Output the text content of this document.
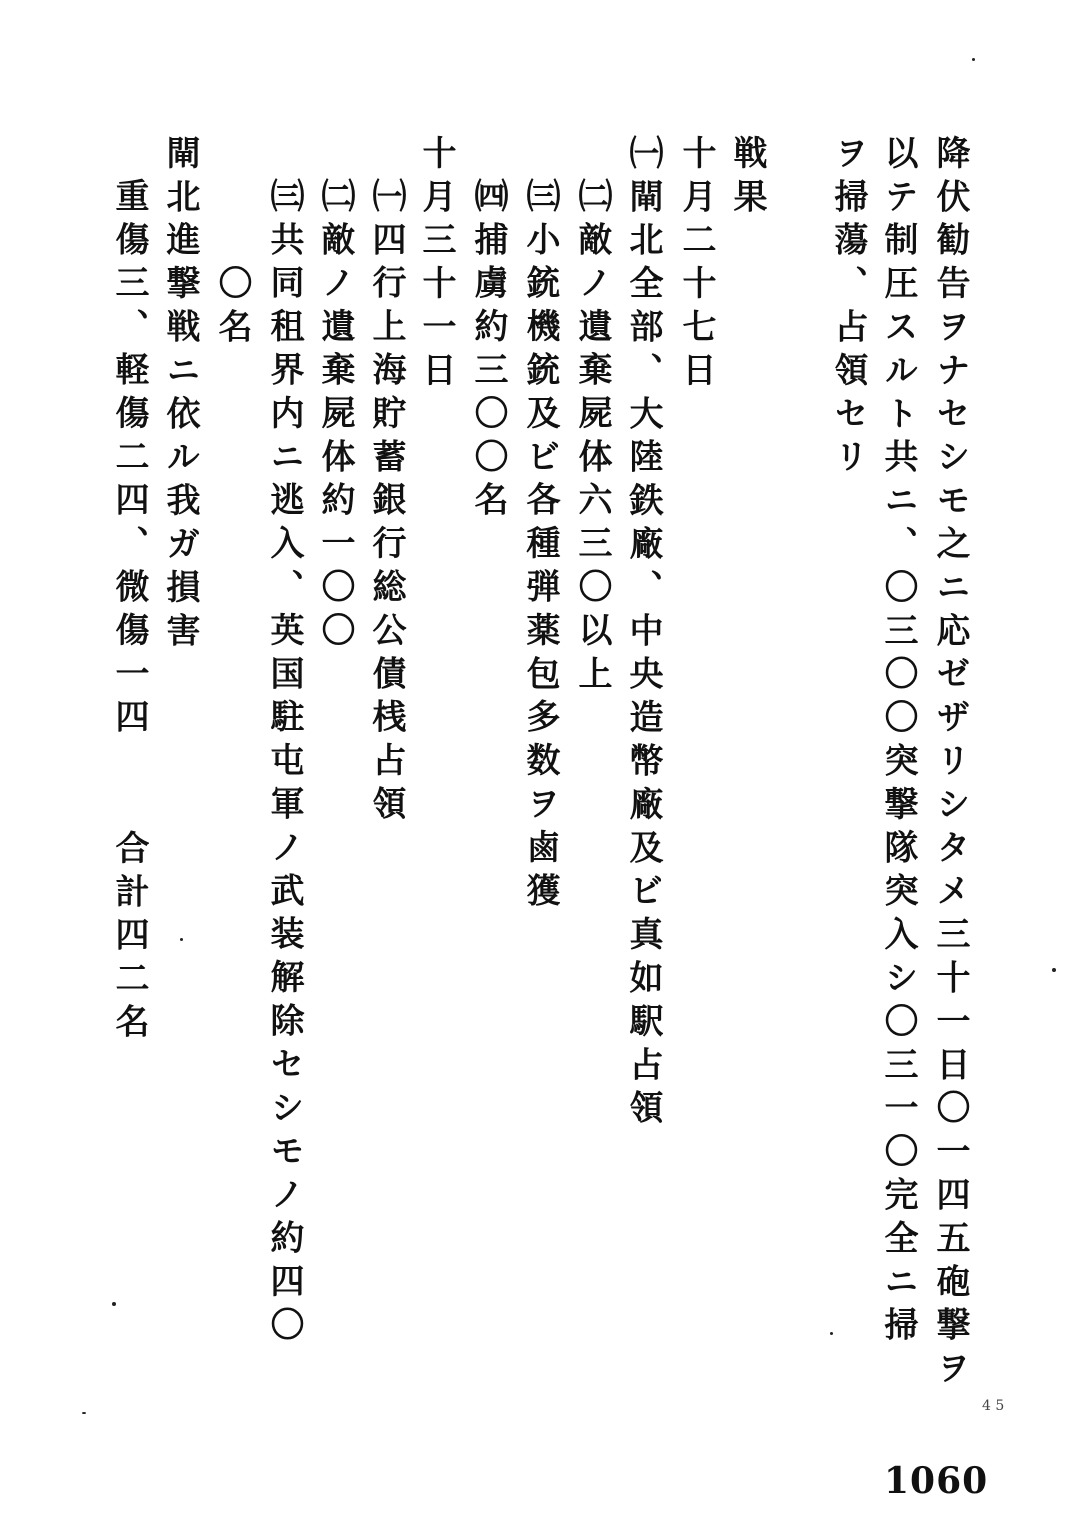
降伏勧告ヲナセシモ之ニ応ゼザリシタメ三十一日〇一四五砲撃ヲ
以テ制圧スルト共ニ、〇三〇〇突撃隊突入シ〇三一〇完全ニ掃
ヲ掃蕩、占領セリ
戦果
十月二十七日
㈠閘北全部、大陸鉄廠、中央造幣廠及ビ真如駅占領
㈡敵ノ遺棄屍体六三〇以上
㈢小銃機銃及ビ各種弾薬包多数ヲ鹵獲
㈣捕虜約三〇〇名
十月三十一日
㈠四行上海貯蓄銀行総公債桟占領
㈡敵ノ遺棄屍体約一〇〇
㈢共同租界内ニ逃入、英国駐屯軍ノ武装解除セシモノ約四〇
〇名
閘北進撃戦ニ依ル我ガ損害
重傷三、軽傷二四、微傷一四
合計四二名
4 5
1060
